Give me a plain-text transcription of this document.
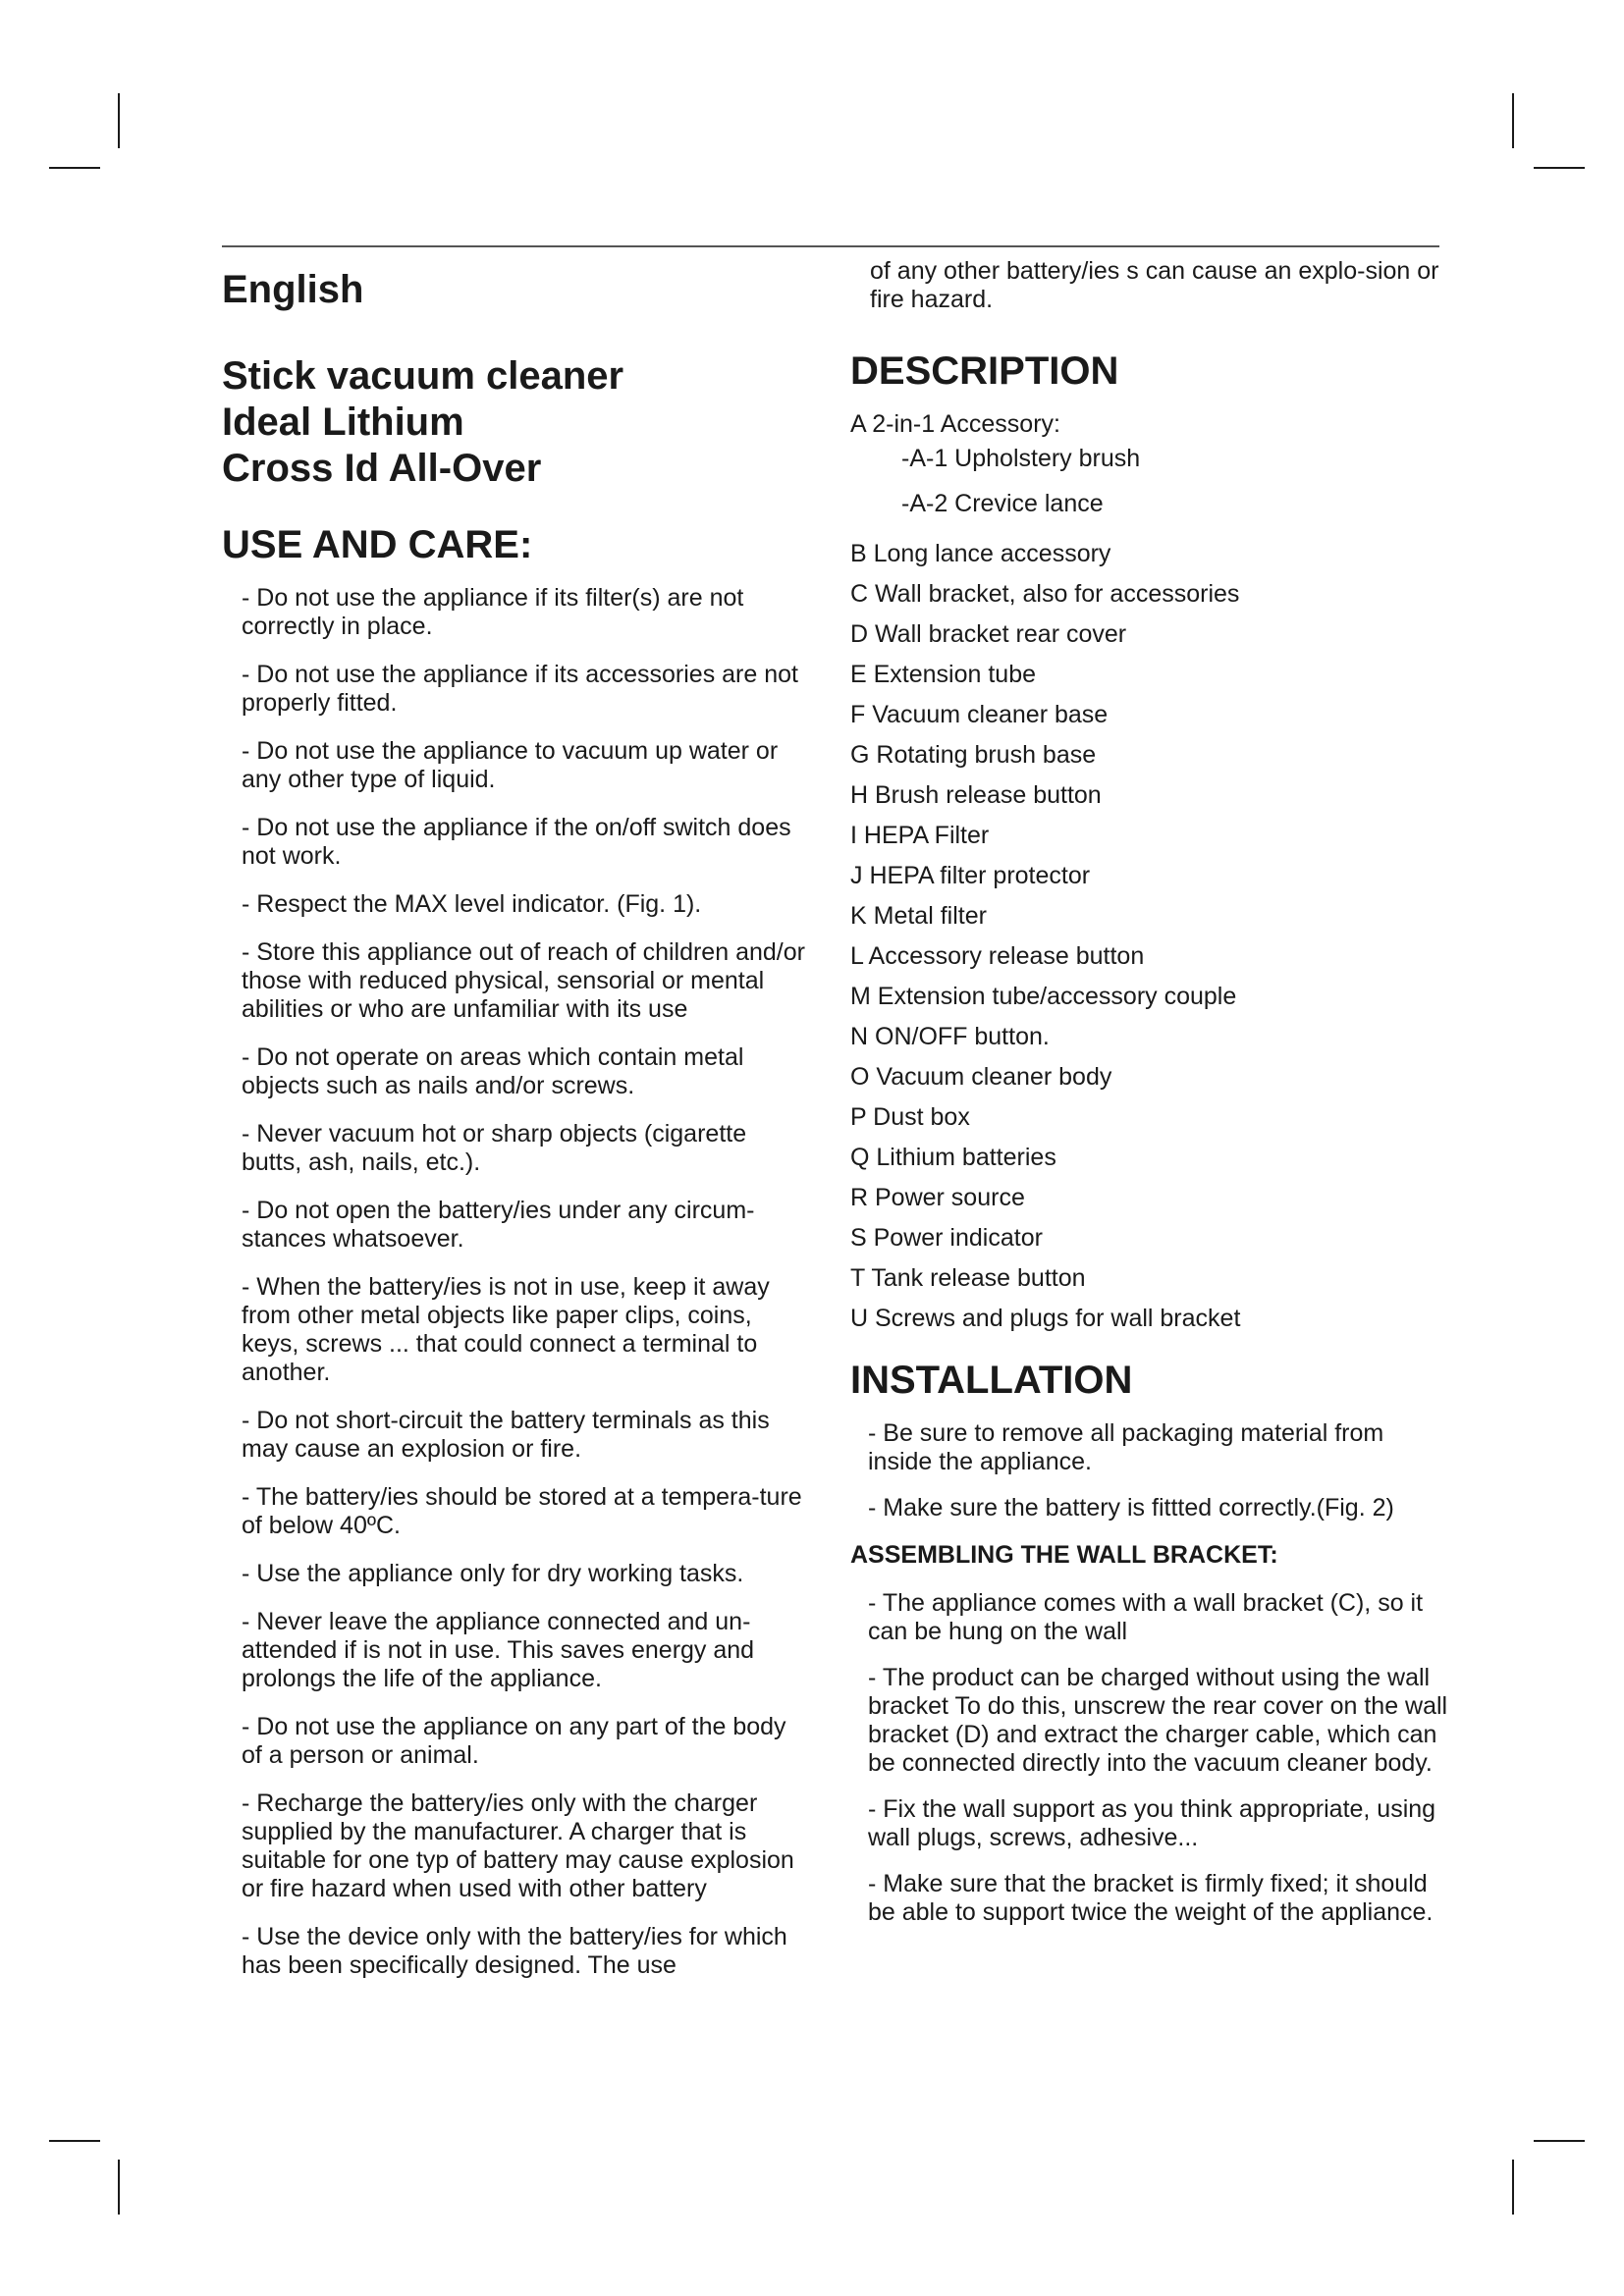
English
Stick vacuum cleaner
Ideal Lithium
Cross Id All-Over
USE AND CARE:

- Do not use the appliance if its filter(s) are not correctly in place.

- Do not use the appliance if its accessories are not properly fitted.

- Do not use the appliance to vacuum up water or any other type of liquid.

- Do not use the appliance if the on/off switch does not work.

- Respect the MAX level indicator. (Fig. 1).

- Store this appliance out of reach of children and/or those with reduced physical, sensorial or mental abilities or who are unfamiliar with its use

- Do not operate on areas which contain metal objects such as nails and/or screws.

- Never vacuum hot or sharp objects (cigarette butts, ash, nails, etc.).

- Do not open the battery/ies under any circum-stances whatsoever.

- When the battery/ies is not in use, keep it away from other metal objects like paper clips, coins, keys, screws ... that could connect a terminal to another.

- Do not short-circuit the battery terminals as this may cause an explosion or fire.

- The battery/ies should be stored at a tempera-ture of below 40ºC.

- Use the appliance only for dry working tasks.

- Never leave the appliance connected and un-attended if is not in use. This saves energy and prolongs the life of the appliance.

- Do not use the appliance on any part of the body of a person or animal.

- Recharge the battery/ies only with the charger supplied by the manufacturer. A charger that is suitable for one typ of battery may cause explosion or fire hazard when used with other battery

- Use the device only with the battery/ies for which has been specifically designed. The use

of any other battery/ies s can cause an explo-sion or fire hazard.

DESCRIPTION
A 2-in-1 Accessory:
-A-1 Upholstery brush
-A-2 Crevice lance
B Long lance accessory
C Wall bracket, also for accessories
D Wall bracket rear cover
E Extension tube
F Vacuum cleaner base
G Rotating brush base
H Brush release button
I HEPA Filter
J HEPA filter protector
K Metal filter
L Accessory release button
M Extension tube/accessory couple
N ON/OFF button.
O Vacuum cleaner body
P Dust box
Q Lithium batteries
R Power source
S Power indicator
T Tank release button
U Screws and plugs for wall bracket
INSTALLATION

- Be sure to remove all packaging material from inside the appliance.

- Make sure the battery is fittted correctly.(Fig. 2)

ASSEMBLING THE WALL BRACKET:

- The appliance comes with a wall bracket (C), so it can be hung on the wall

- The product can be charged without using the wall bracket To do this, unscrew the rear cover on the wall bracket (D) and extract the charger cable, which can be connected directly into the vacuum cleaner body.

- Fix the wall support as you think appropriate, using wall plugs, screws, adhesive...

- Make sure that the bracket is firmly fixed; it should be able to support twice the weight of the appliance.
